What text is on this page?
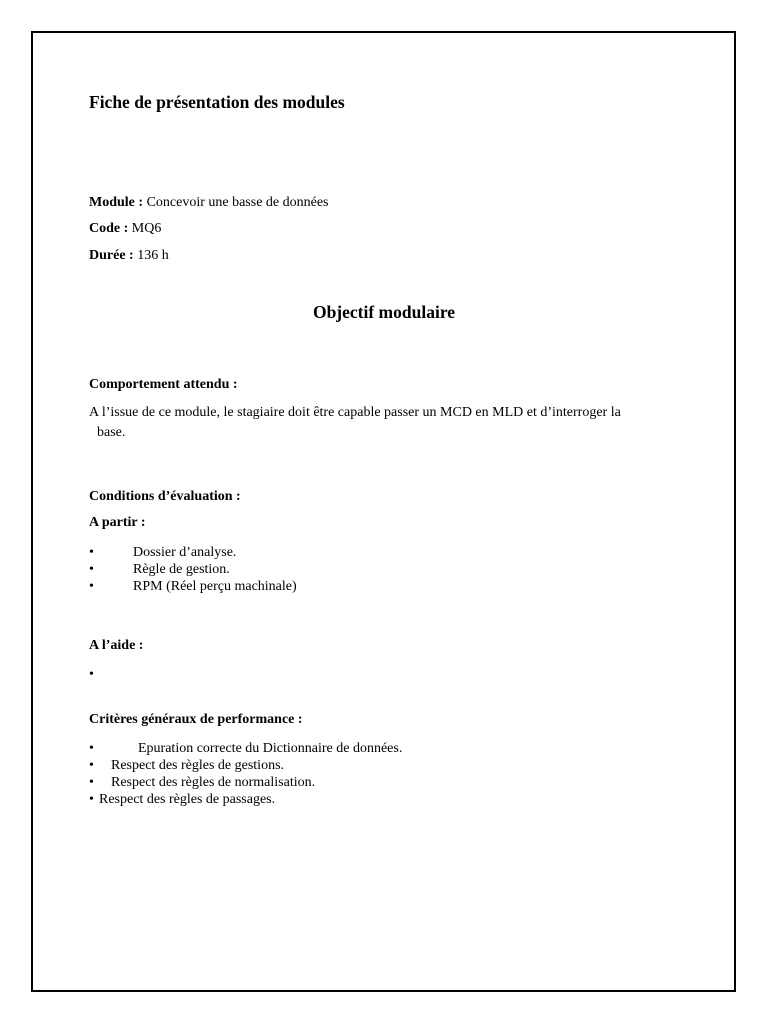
Fiche de présentation des modules
Module : Concevoir une basse de données
Code : MQ6
Durée : 136 h
Objectif modulaire
Comportement attendu :
A l’issue de ce module, le stagiaire doit être capable passer un MCD en MLD et d’interroger la
base.
Conditions d’évaluation :
A partir :
•	Dossier d’analyse.
•	Règle de gestion.
•	RPM (Réel perçu machinale)
A l’aide :
•
Critères généraux de performance :
•	Epuration correcte du Dictionnaire de données.
• Respect des règles de gestions.
• Respect des règles de normalisation.
• Respect des règles de passages.
